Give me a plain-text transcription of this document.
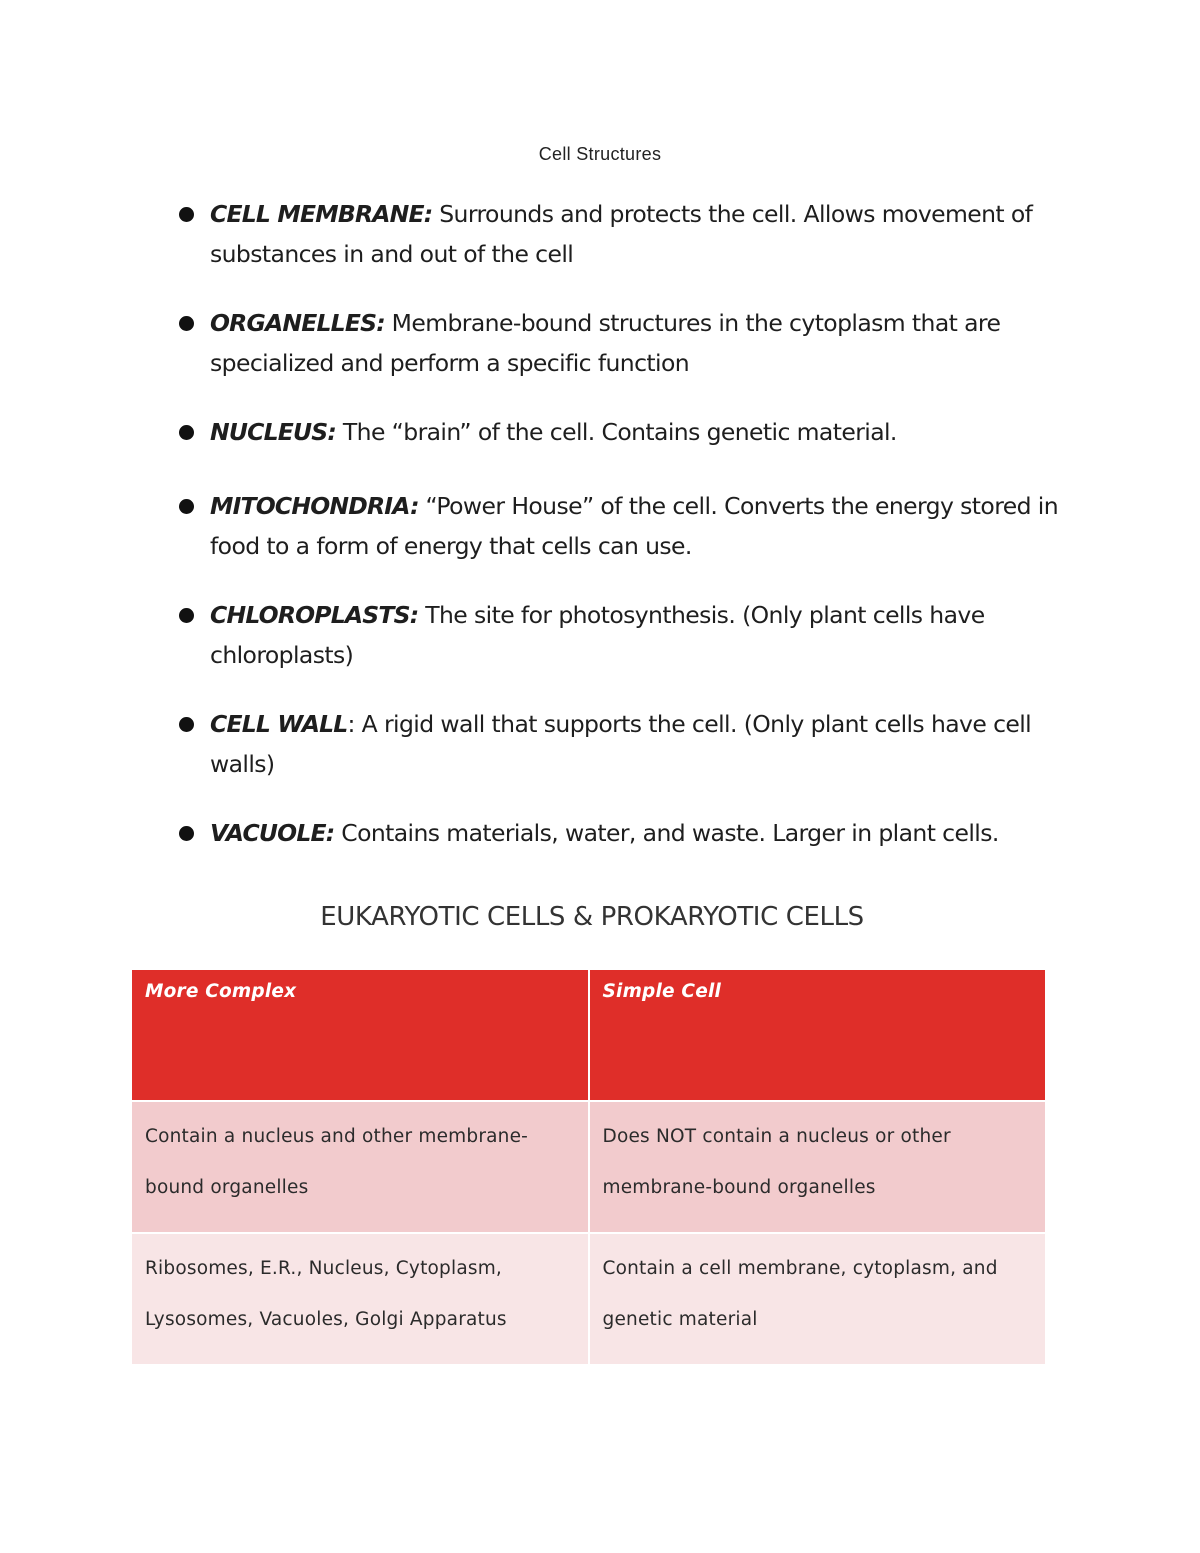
Cell Structures
CELL MEMBRANE: Surrounds and protects the cell. Allows movement of substances in and out of the cell
ORGANELLES: Membrane-bound structures in the cytoplasm that are specialized and perform a specific function
NUCLEUS: The “brain” of the cell. Contains genetic material.
MITOCHONDRIA: “Power House” of the cell. Converts the energy stored in food to a form of energy that cells can use.
CHLOROPLASTS: The site for photosynthesis. (Only plant cells have chloroplasts)
CELL WALL: A rigid wall that supports the cell. (Only plant cells have cell walls)
VACUOLE: Contains materials, water, and waste. Larger in plant cells.
EUKARYOTIC CELLS & PROKARYOTIC CELLS
More Complex	Simple Cell
Contain a nucleus and other membrane-bound organelles	Does NOT contain a nucleus or other membrane-bound organelles
Ribosomes, E.R., Nucleus, Cytoplasm, Lysosomes, Vacuoles, Golgi Apparatus	Contain a cell membrane, cytoplasm, and genetic material
